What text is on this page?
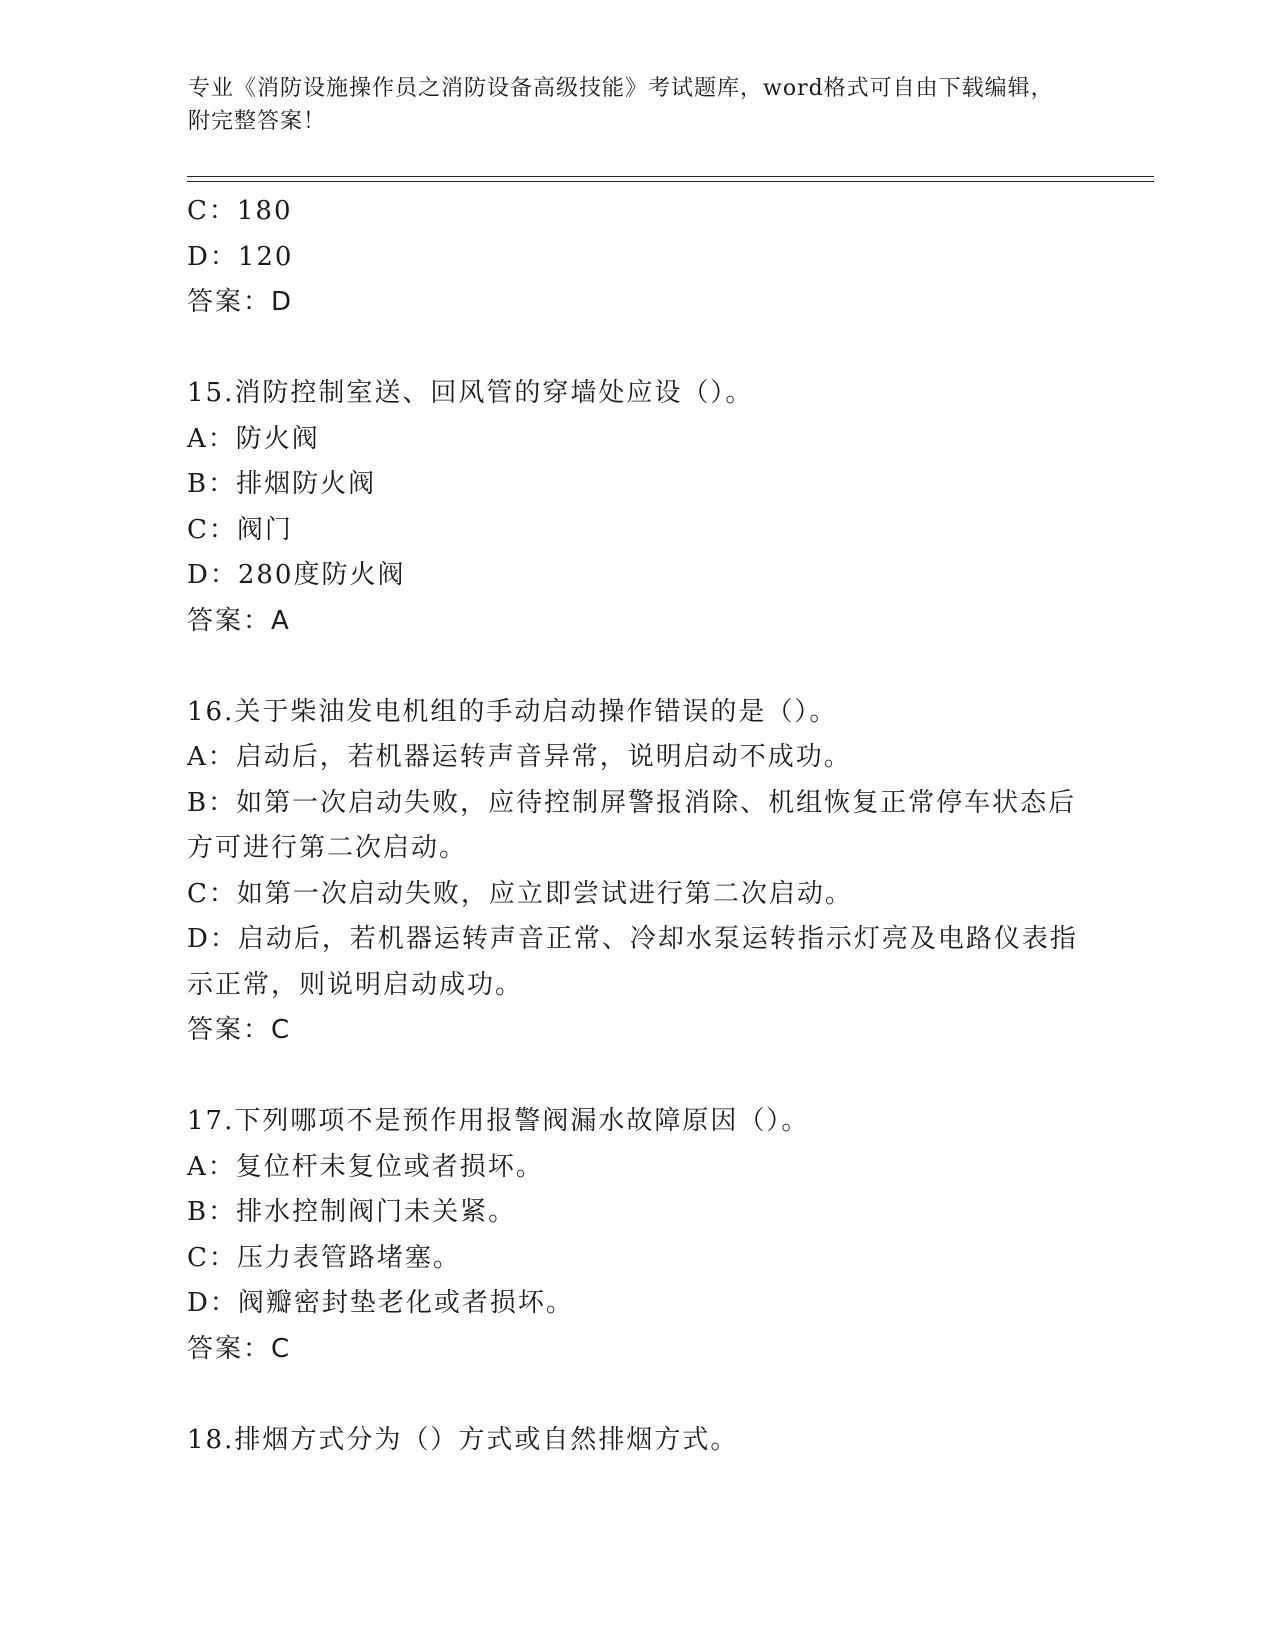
专业《消防设施操作员之消防设备高级技能》考试题库，word格式可自由下载编辑，附完整答案！
C：180
D：120
答案：D
15.消防控制室送、回风管的穿墙处应设（）。
A：防火阀
B：排烟防火阀
C：阀门
D：280度防火阀
答案：A
16.关于柴油发电机组的手动启动操作错误的是（）。
A：启动后，若机器运转声音异常，说明启动不成功。
B：如第一次启动失败，应待控制屏警报消除、机组恢复正常停车状态后方可进行第二次启动。
C：如第一次启动失败，应立即尝试进行第二次启动。
D：启动后，若机器运转声音正常、冷却水泵运转指示灯亮及电路仪表指示正常，则说明启动成功。
答案：C
17.下列哪项不是预作用报警阀漏水故障原因（）。
A：复位杆未复位或者损坏。
B：排水控制阀门未关紧。
C：压力表管路堵塞。
D：阀瓣密封垫老化或者损坏。
答案：C
18.排烟方式分为（）方式或自然排烟方式。
